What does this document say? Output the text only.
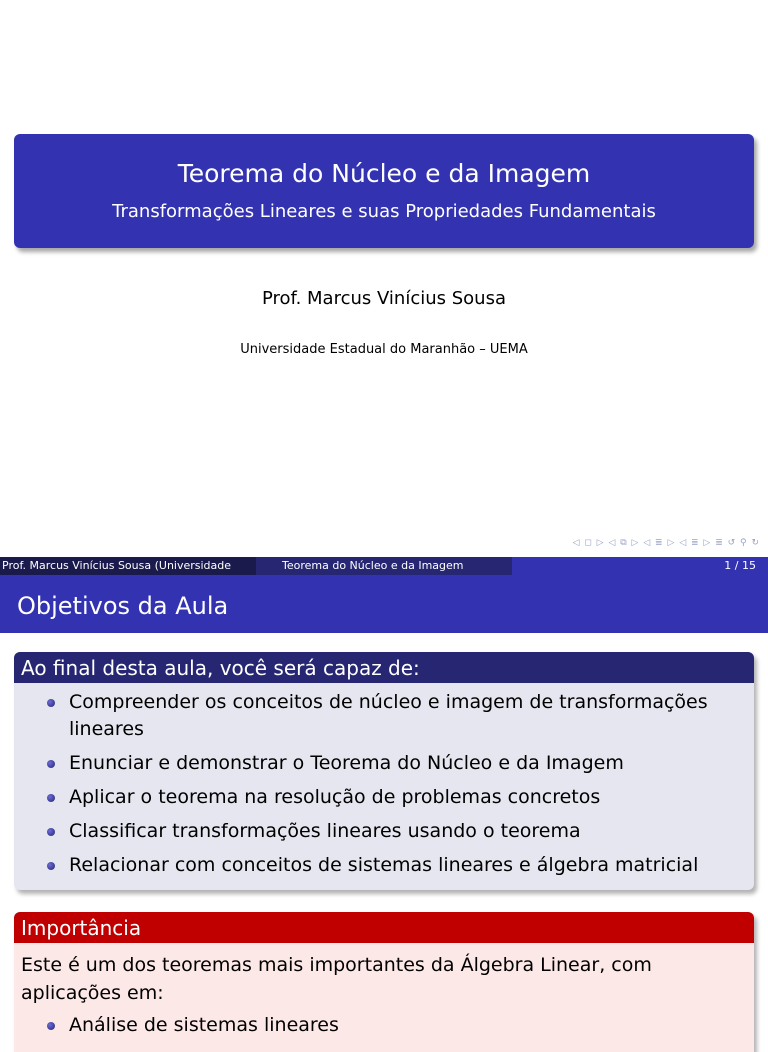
Teorema do Núcleo e da Imagem
Transformações Lineares e suas Propriedades Fundamentais
Prof. Marcus Vinícius Sousa
Universidade Estadual do Maranhão – UEMA
◁ ◻ ▷ ◁ ⧉ ▷ ◁ ≣ ▷ ◁ ≣ ▷ ≣ ↺ ⚲ ↻
Prof. Marcus Vinícius Sousa (Universidade	Teorema do Núcleo e da Imagem	1 / 15
Objetivos da Aula
Ao final desta aula, você será capaz de:
Compreender os conceitos de núcleo e imagem de transformações lineares
Enunciar e demonstrar o Teorema do Núcleo e da Imagem
Aplicar o teorema na resolução de problemas concretos
Classificar transformações lineares usando o teorema
Relacionar com conceitos de sistemas lineares e álgebra matricial
Importância

Este é um dos teoremas mais importantes da Álgebra Linear, com aplicações em:

Análise de sistemas lineares
